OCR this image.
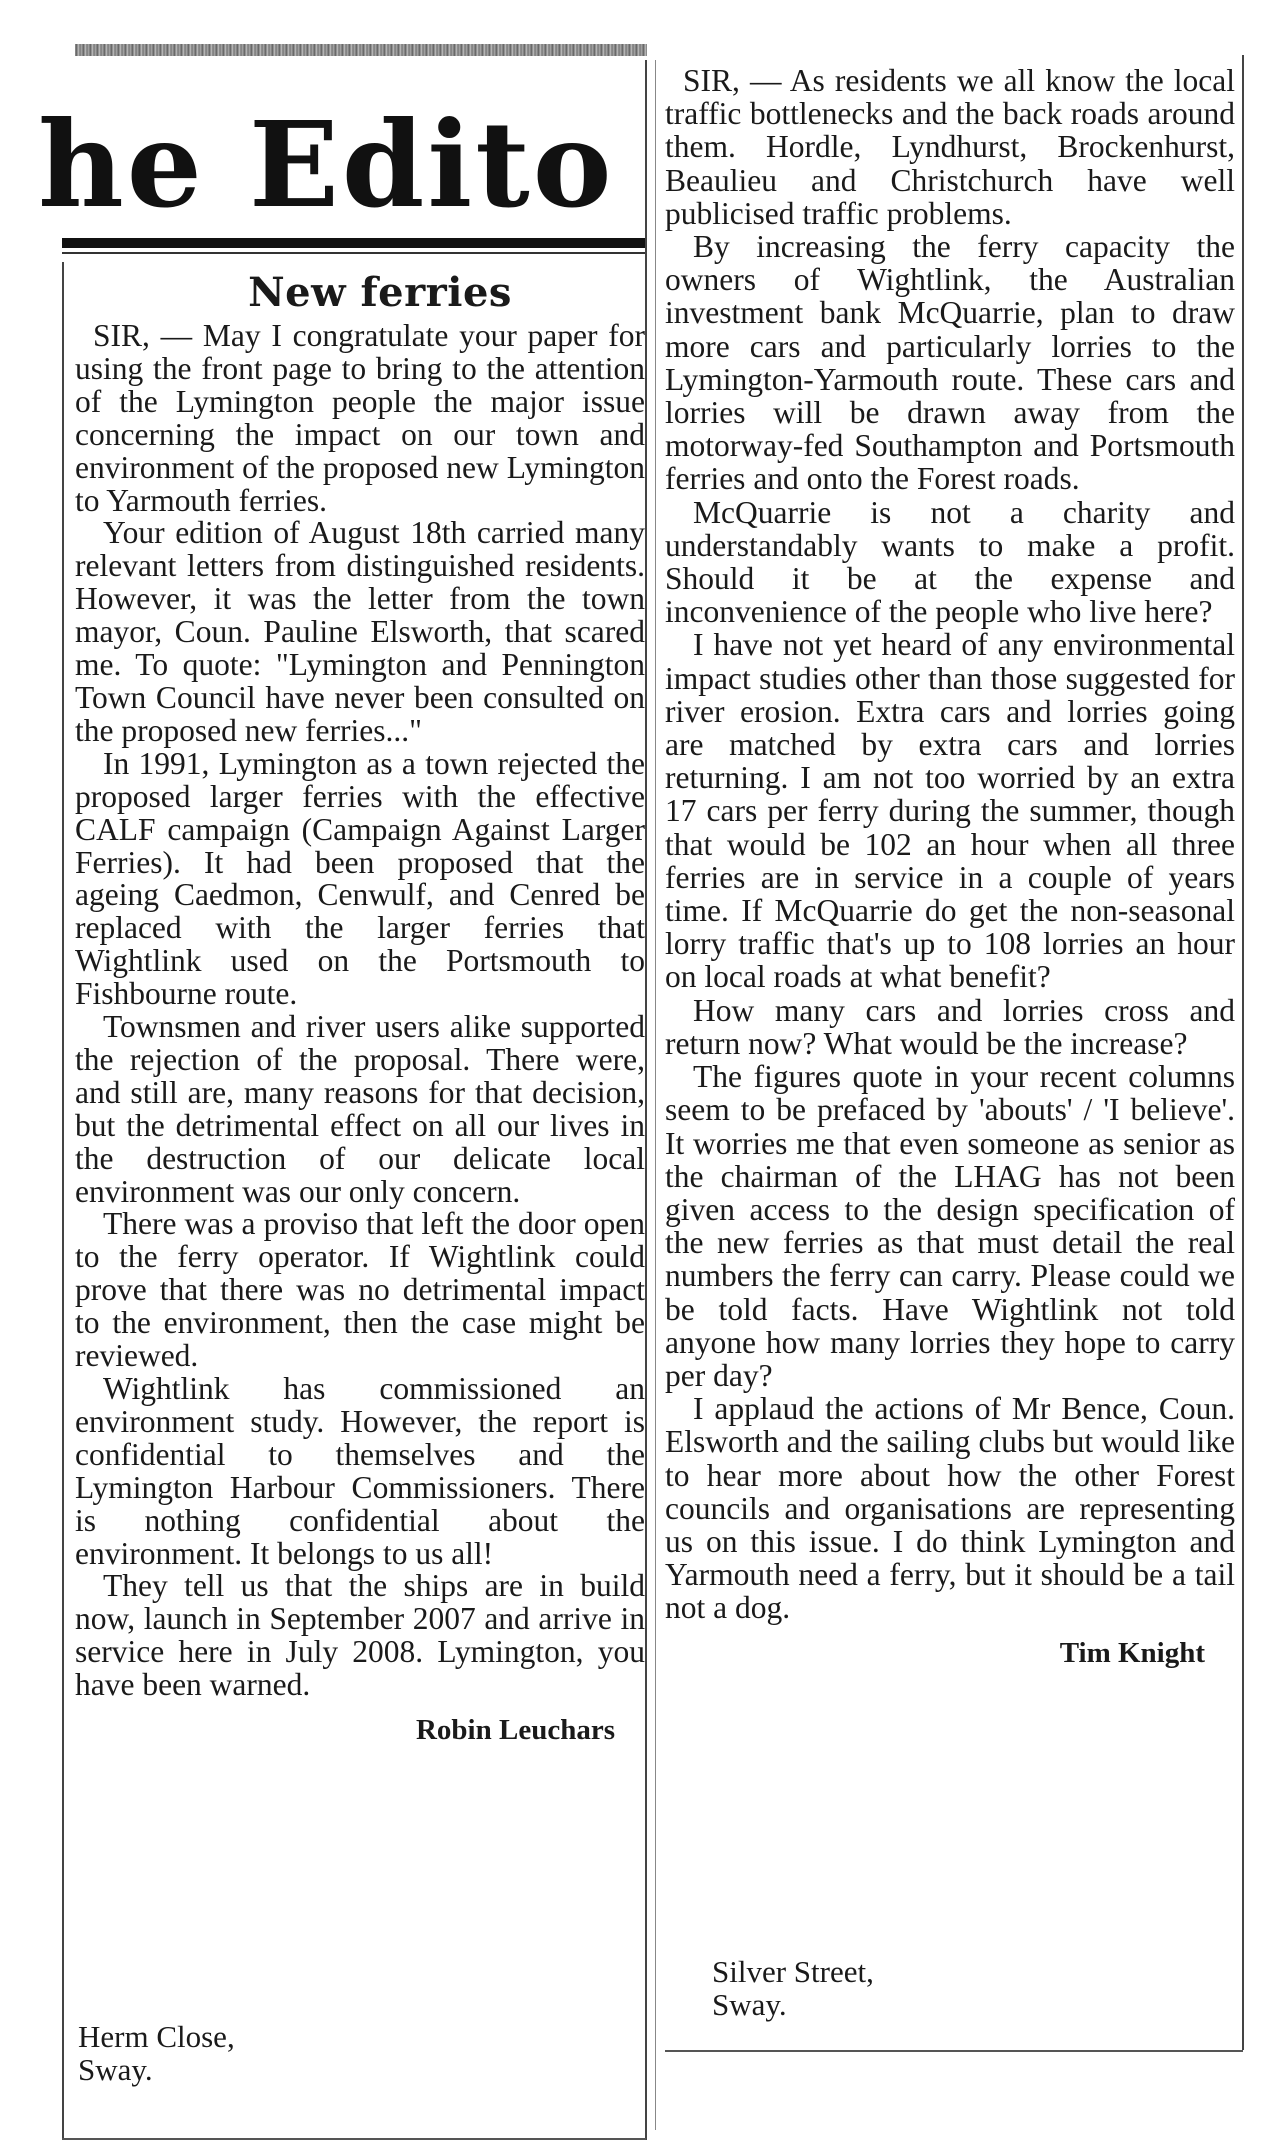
he Edito
New ferries

SIR, — May I congratulate your paper for using the front page to bring to the attention of the Lymington people the major issue concerning the impact on our town and environment of the proposed new Lymington to Yarmouth ferries.

Your edition of August 18th carried many relevant letters from distinguished residents. However, it was the letter from the town mayor, Coun. Pauline Elsworth, that scared me. To quote: "Lymington and Pennington Town Council have never been consulted on the proposed new ferries..."

In 1991, Lymington as a town rejected the proposed larger ferries with the effective CALF campaign (Campaign Against Larger Ferries). It had been proposed that the ageing Caedmon, Cenwulf, and Cenred be replaced with the larger ferries that Wightlink used on the Portsmouth to Fishbourne route.

Townsmen and river users alike supported the rejection of the proposal. There were, and still are, many reasons for that decision, but the detrimental effect on all our lives in the destruction of our delicate local environment was our only concern.

There was a proviso that left the door open to the ferry operator. If Wightlink could prove that there was no detrimental impact to the environment, then the case might be reviewed.

Wightlink has commissioned an environment study. However, the report is confidential to themselves and the Lymington Harbour Commissioners. There is nothing confidential about the environment. It belongs to us all!

They tell us that the ships are in build now, launch in September 2007 and arrive in service here in July 2008. Lymington, you have been warned.

Robin Leuchars
Herm Close,
Sway.

SIR, — As residents we all know the local traffic bottlenecks and the back roads around them. Hordle, Lyndhurst, Brockenhurst, Beaulieu and Christchurch have well publicised traffic problems.

By increasing the ferry capacity the owners of Wightlink, the Australian investment bank McQuarrie, plan to draw more cars and particularly lorries to the Lymington-Yarmouth route. These cars and lorries will be drawn away from the motorway-fed Southampton and Portsmouth ferries and onto the Forest roads.

McQuarrie is not a charity and understandably wants to make a profit. Should it be at the expense and inconvenience of the people who live here?

I have not yet heard of any environmental impact studies other than those suggested for river erosion. Extra cars and lorries going are matched by extra cars and lorries returning. I am not too worried by an extra 17 cars per ferry during the summer, though that would be 102 an hour when all three ferries are in service in a couple of years time. If McQuarrie do get the non-seasonal lorry traffic that's up to 108 lorries an hour on local roads at what benefit?

How many cars and lorries cross and return now? What would be the increase?

The figures quote in your recent columns seem to be prefaced by 'abouts' / 'I believe'. It worries me that even someone as senior as the chairman of the LHAG has not been given access to the design specification of the new ferries as that must detail the real numbers the ferry can carry. Please could we be told facts. Have Wightlink not told anyone how many lorries they hope to carry per day?

I applaud the actions of Mr Bence, Coun. Elsworth and the sailing clubs but would like to hear more about how the other Forest councils and organisations are representing us on this issue. I do think Lymington and Yarmouth need a ferry, but it should be a tail not a dog.

Tim Knight
Silver Street,
Sway.
